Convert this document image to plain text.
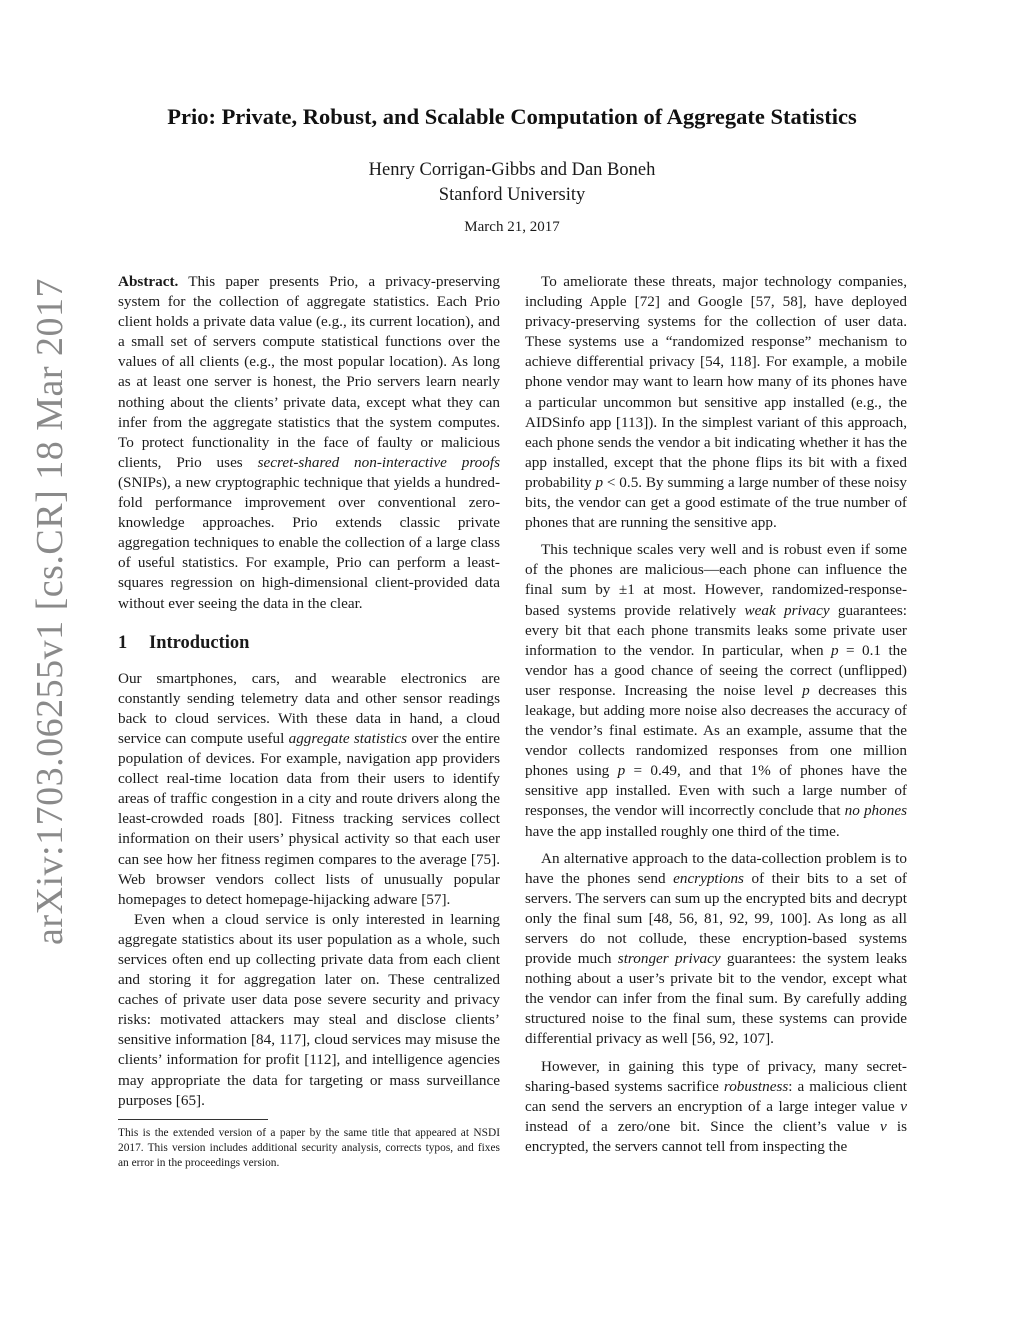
arXiv:1703.06255v1 [cs.CR] 18 Mar 2017
Prio: Private, Robust, and Scalable Computation of Aggregate Statistics
Henry Corrigan-Gibbs and Dan Boneh
Stanford University
March 21, 2017

Abstract. This paper presents Prio, a privacy-preserving system for the collection of aggregate statistics. Each Prio client holds a private data value (e.g., its current location), and a small set of servers compute statistical functions over the values of all clients (e.g., the most popular location). As long as at least one server is honest, the Prio servers learn nearly nothing about the clients’ private data, except what they can infer from the aggregate statistics that the system computes. To protect functionality in the face of faulty or malicious clients, Prio uses secret-shared non-interactive proofs (SNIPs), a new cryptographic technique that yields a hundred-fold performance improvement over conventional zero-knowledge approaches. Prio extends classic private aggregation techniques to enable the collection of a large class of useful statistics. For example, Prio can perform a least-squares regression on high-dimensional client-provided data without ever seeing the data in the clear.

1 Introduction

Our smartphones, cars, and wearable electronics are constantly sending telemetry data and other sensor readings back to cloud services. With these data in hand, a cloud service can compute useful aggregate statistics over the entire population of devices. For example, navigation app providers collect real-time location data from their users to identify areas of traffic congestion in a city and route drivers along the least-crowded roads [80]. Fitness tracking services collect information on their users’ physical activity so that each user can see how her fitness regimen compares to the average [75]. Web browser vendors collect lists of unusually popular homepages to detect homepage-hijacking adware [57].

Even when a cloud service is only interested in learning aggregate statistics about its user population as a whole, such services often end up collecting private data from each client and storing it for aggregation later on. These centralized caches of private user data pose severe security and privacy risks: motivated attackers may steal and disclose clients’ sensitive information [84, 117], cloud services may misuse the clients’ information for profit [112], and intelligence agencies may appropriate the data for targeting or mass surveillance purposes [65].

This is the extended version of a paper by the same title that appeared at NSDI 2017. This version includes additional security analysis, corrects typos, and fixes an error in the proceedings version.

To ameliorate these threats, major technology companies, including Apple [72] and Google [57, 58], have deployed privacy-preserving systems for the collection of user data. These systems use a “randomized response” mechanism to achieve differential privacy [54, 118]. For example, a mobile phone vendor may want to learn how many of its phones have a particular uncommon but sensitive app installed (e.g., the AIDSinfo app [113]). In the simplest variant of this approach, each phone sends the vendor a bit indicating whether it has the app installed, except that the phone flips its bit with a fixed probability p < 0.5. By summing a large number of these noisy bits, the vendor can get a good estimate of the true number of phones that are running the sensitive app.

This technique scales very well and is robust even if some of the phones are malicious—each phone can influence the final sum by ±1 at most. However, randomized-response-based systems provide relatively weak privacy guarantees: every bit that each phone transmits leaks some private user information to the vendor. In particular, when p = 0.1 the vendor has a good chance of seeing the correct (unflipped) user response. Increasing the noise level p decreases this leakage, but adding more noise also decreases the accuracy of the vendor’s final estimate. As an example, assume that the vendor collects randomized responses from one million phones using p = 0.49, and that 1% of phones have the sensitive app installed. Even with such a large number of responses, the vendor will incorrectly conclude that no phones have the app installed roughly one third of the time.

An alternative approach to the data-collection problem is to have the phones send encryptions of their bits to a set of servers. The servers can sum up the encrypted bits and decrypt only the final sum [48, 56, 81, 92, 99, 100]. As long as all servers do not collude, these encryption-based systems provide much stronger privacy guarantees: the system leaks nothing about a user’s private bit to the vendor, except what the vendor can infer from the final sum. By carefully adding structured noise to the final sum, these systems can provide differential privacy as well [56, 92, 107].

However, in gaining this type of privacy, many secret-sharing-based systems sacrifice robustness: a malicious client can send the servers an encryption of a large integer value v instead of a zero/one bit. Since the client’s value v is encrypted, the servers cannot tell from inspecting the
